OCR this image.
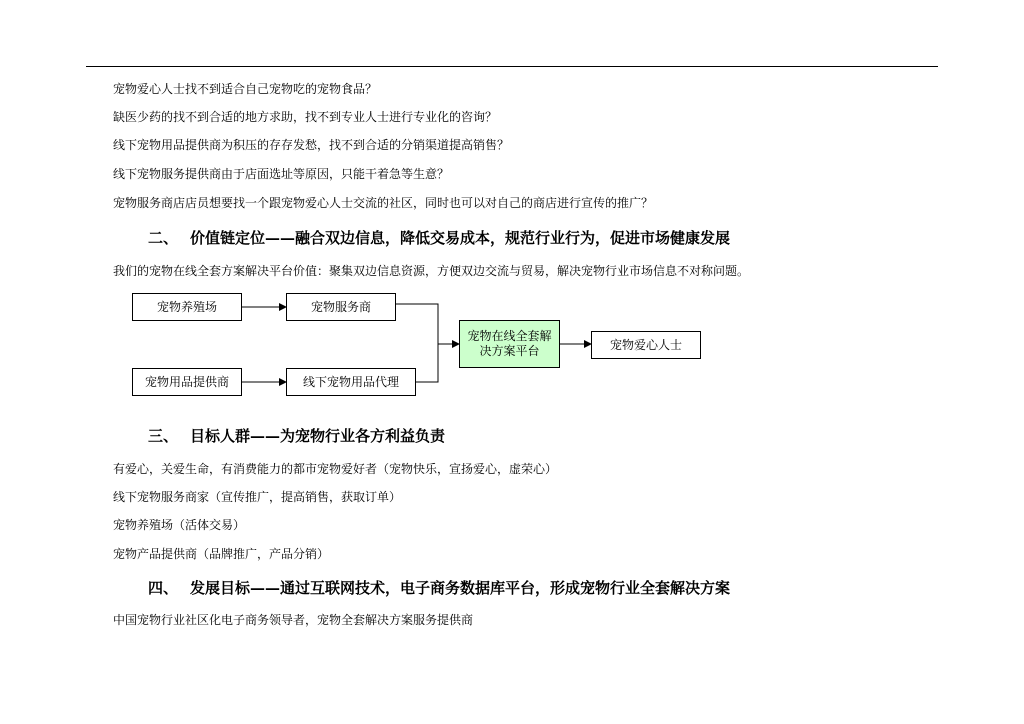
宠物爱心人士找不到适合自己宠物吃的宠物食品？
缺医少药的找不到合适的地方求助，找不到专业人士进行专业化的咨询？
线下宠物用品提供商为积压的存存发愁，找不到合适的分销渠道提高销售？
线下宠物服务提供商由于店面选址等原因，只能干着急等生意？
宠物服务商店店员想要找一个跟宠物爱心人士交流的社区，同时也可以对自己的商店进行宣传的推广？
二、 价值链定位——融合双边信息，降低交易成本，规范行业行为，促进市场健康发展
我们的宠物在线全套方案解决平台价值：聚集双边信息资源，方便双边交流与贸易，解决宠物行业市场信息不对称问题。
宠物养殖场	宠物服务商
宠物用品提供商	线下宠物用品代理
宠物在线全套解决方案平台	宠物爱心人士
三、 目标人群——为宠物行业各方利益负责
有爱心，关爱生命，有消费能力的都市宠物爱好者（宠物快乐，宣扬爱心，虚荣心）
线下宠物服务商家（宣传推广，提高销售，获取订单）
宠物养殖场（活体交易）
宠物产品提供商（品牌推广，产品分销）
四、 发展目标——通过互联网技术，电子商务数据库平台，形成宠物行业全套解决方案
中国宠物行业社区化电子商务领导者，宠物全套解决方案服务提供商
